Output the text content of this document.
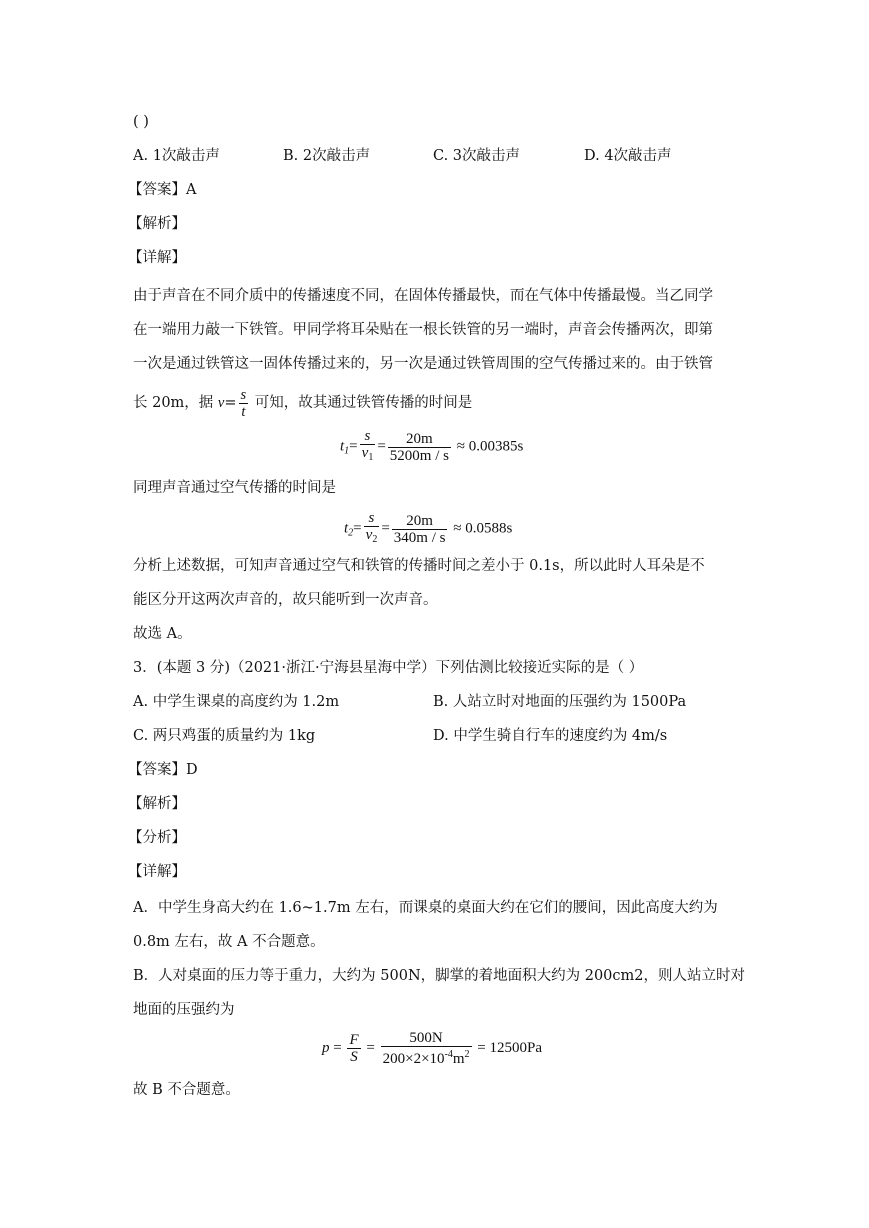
( )
A. 1次敲击声	B. 2次敲击声	C. 3次敲击声	D. 4次敲击声
【答案】A
【解析】
【详解】
由于声音在不同介质中的传播速度不同，在固体传播最快，而在气体中传播最慢。当乙同学
在一端用力敲一下铁管。甲同学将耳朵贴在一根长铁管的另一端时，声音会传播两次，即第
一次是通过铁管这一固体传播过来的，另一次是通过铁管周围的空气传播过来的。由于铁管
长 20m，据 $v= \frac{s}{t}$ 可知，故其通过铁管传播的时间是
$t_1= \frac{s}{v_1} = \frac{20m}{5200m / s} \approx 0.00385s$
同理声音通过空气传播的时间是
$t_2= \frac{s}{v_2} = \frac{20m}{340m / s} \approx 0.0588s$
分析上述数据，可知声音通过空气和铁管的传播时间之差小于 0.1s，所以此时人耳朵是不
能区分开这两次声音的，故只能听到一次声音。
故选 A。
3．(本题 3 分)（2021·浙江·宁海县星海中学）下列估测比较接近实际的是（ ）
A. 中学生课桌的高度约为 1.2m	B. 人站立时对地面的压强约为 1500Pa
C. 两只鸡蛋的质量约为 1kg	D. 中学生骑自行车的速度约为 4m/s
【答案】D
【解析】
【分析】
【详解】
A．中学生身高大约在 1.6~1.7m 左右，而课桌的桌面大约在它们的腰间，因此高度大约为
0.8m 左右，故 A 不合题意。
B．人对桌面的压力等于重力，大约为 500N，脚掌的着地面积大约为 200cm2，则人站立时对
地面的压强约为
$p = \frac{F}{S} = \frac{500N}{200\times 2\times 10^{-4}m^2} = 12500Pa$
故 B 不合题意。
